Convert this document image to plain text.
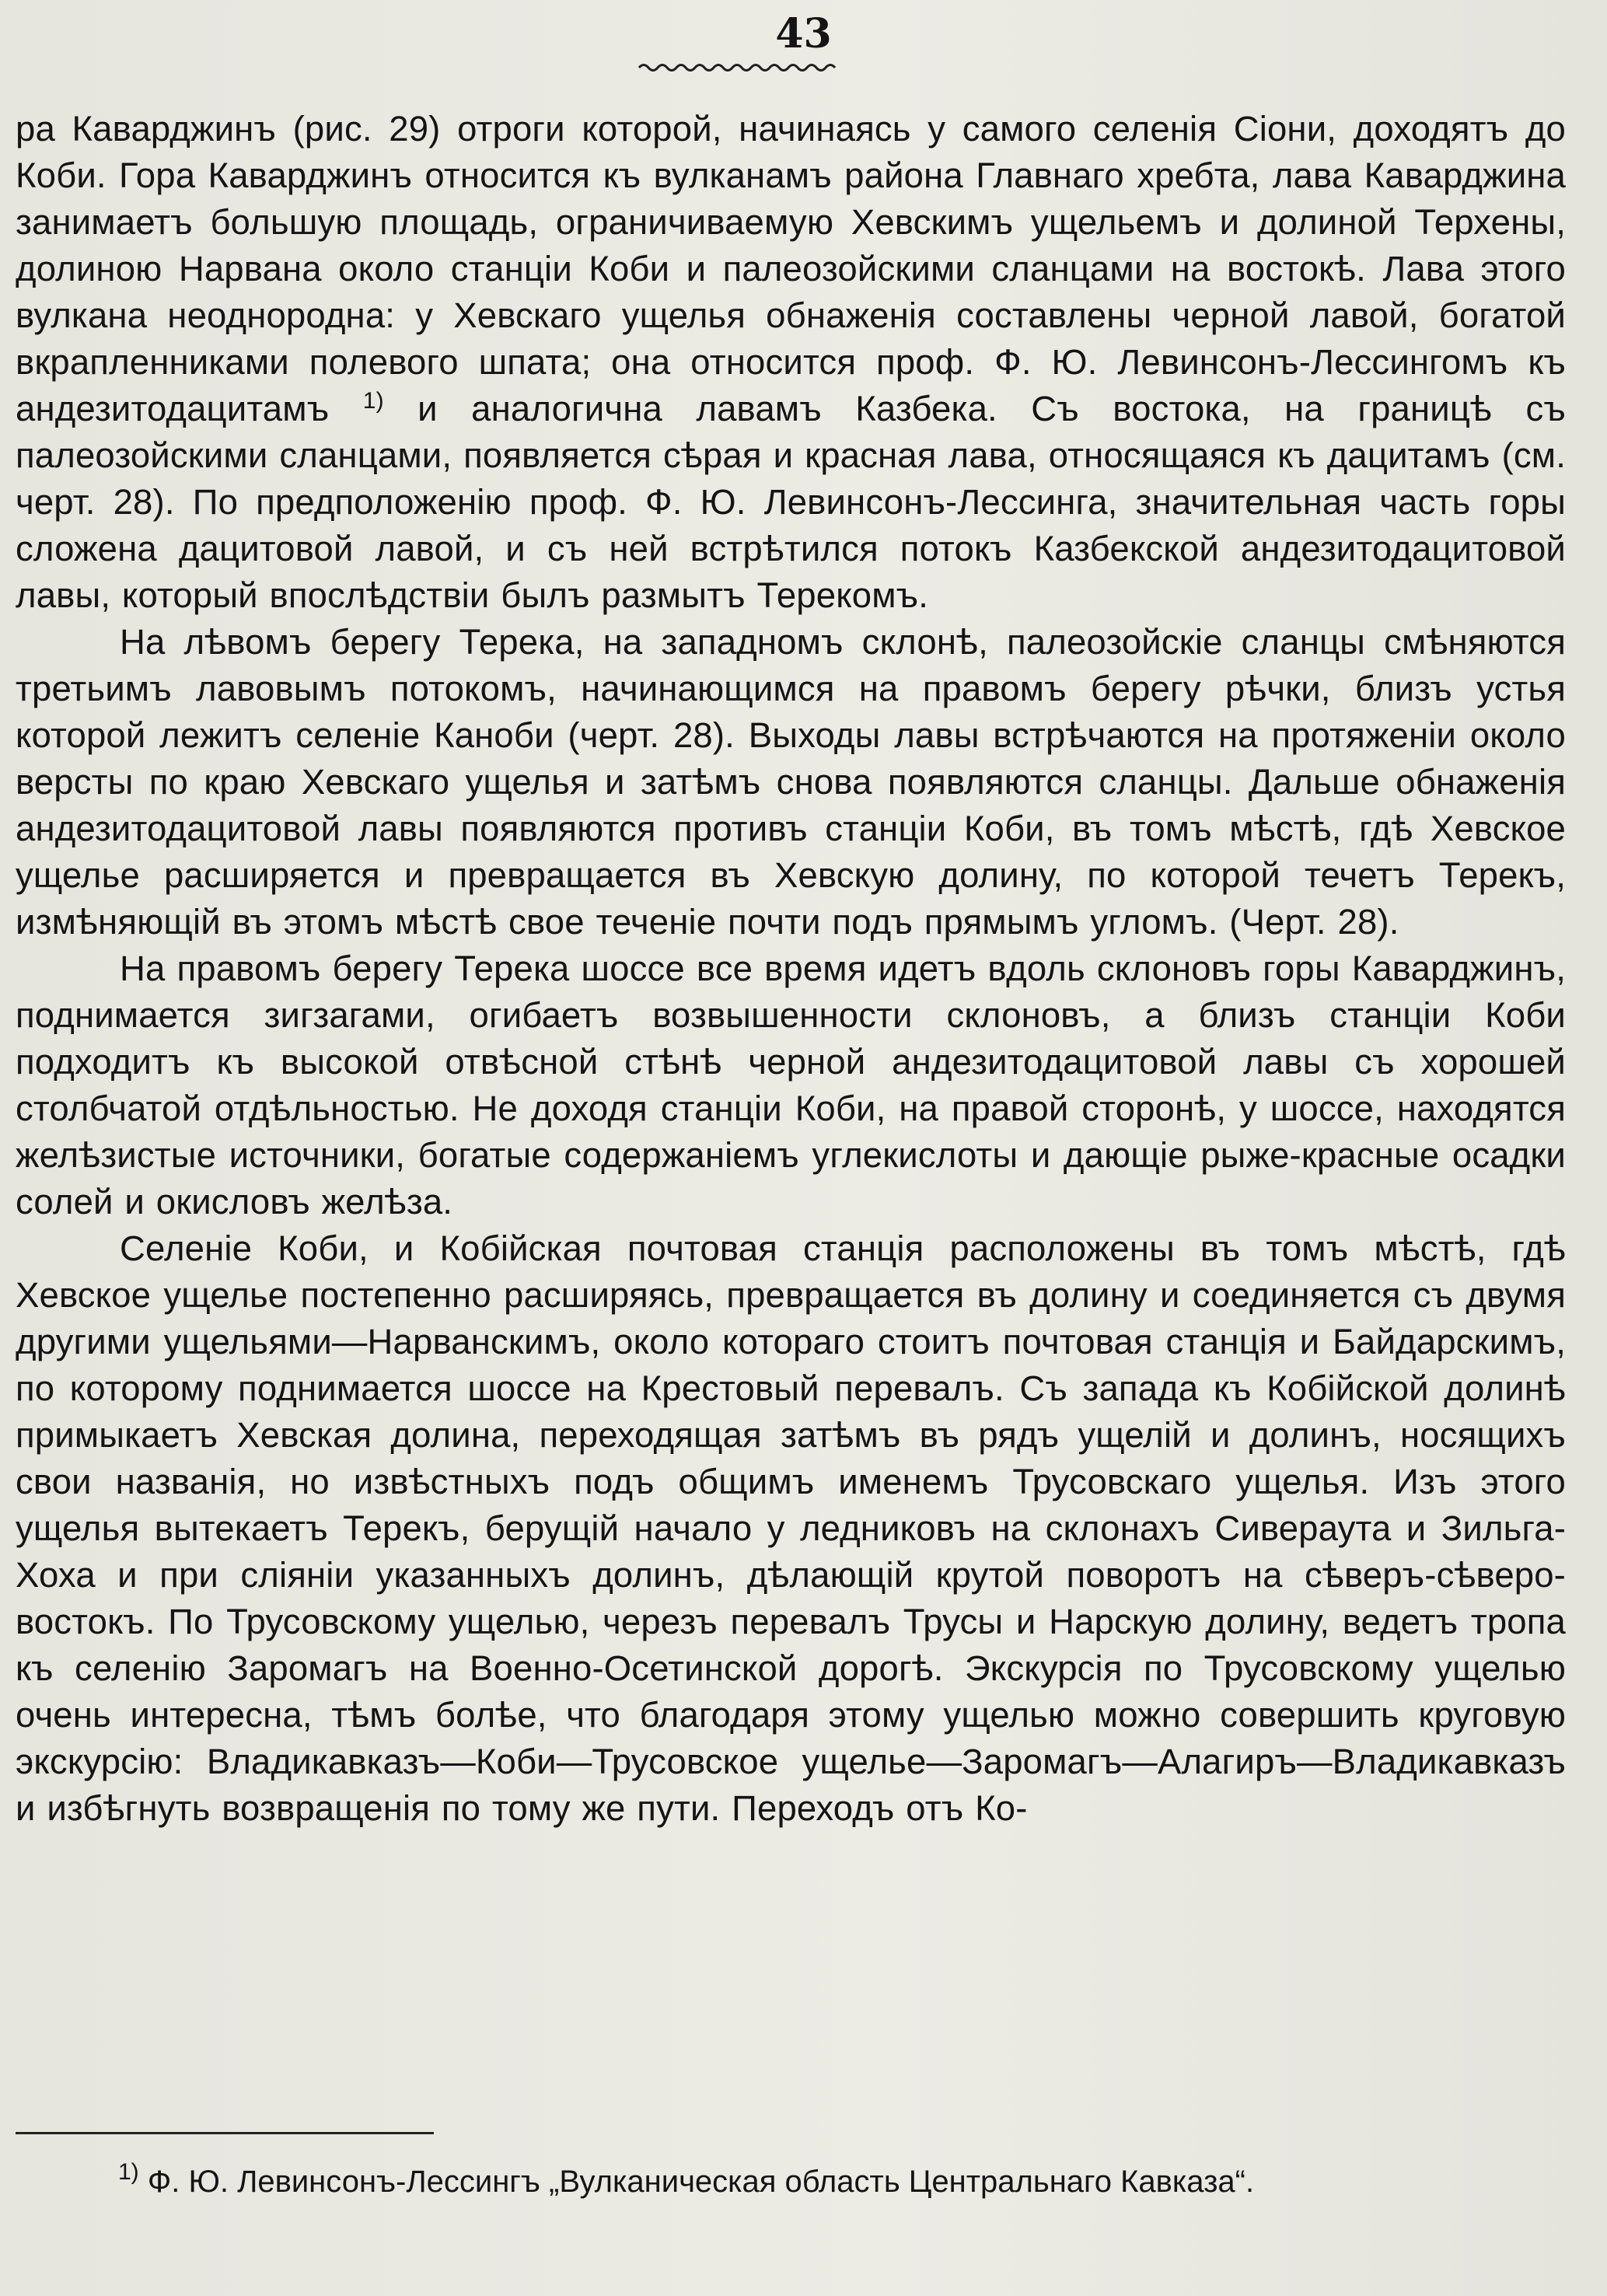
43

ра Каварджинъ (рис. 29) отроги которой, начинаясь у самого селенія Сіони, доходятъ до Коби. Гора Каварджинъ относится къ вулканамъ района Главнаго хребта, лава Каварджина занимаетъ большую площадь, ограничиваемую Хевскимъ ущельемъ и долиной Терхены, долиною Нарвана около станціи Коби и палеозойскими сланцами на востокѣ. Лава этого вулкана неоднородна: у Хевскаго ущелья обнаженія составлены черной лавой, богатой вкрапленниками полевого шпата; она относится проф. Ф. Ю. Левинсонъ-Лессингомъ къ андезитодацитамъ $^{1)}$ и аналогична лавамъ Казбека. Съ востока, на границѣ съ палеозойскими сланцами, появляется сѣрая и красная лава, относящаяся къ дацитамъ (см. черт. 28). По предположенію проф. Ф. Ю. Левинсонъ-Лессинга, значительная часть горы сложена дацитовой лавой, и съ ней встрѣтился потокъ Казбекской андезитодацитовой лавы, который впослѣдствіи былъ размытъ Терекомъ.

На лѣвомъ берегу Терека, на западномъ склонѣ, палеозойскіе сланцы смѣняются третьимъ лавовымъ потокомъ, начинающимся на правомъ берегу рѣчки, близъ устья которой лежитъ селеніе Каноби (черт. 28). Выходы лавы встрѣчаются на протяженіи около версты по краю Хевскаго ущелья и затѣмъ снова появляются сланцы. Дальше обнаженія андезитодацитовой лавы появляются противъ станціи Коби, въ томъ мѣстѣ, гдѣ Хевское ущелье расширяется и превращается въ Хевскую долину, по которой течетъ Терекъ, измѣняющій въ этомъ мѣстѣ свое теченіе почти подъ прямымъ угломъ. (Черт. 28).

На правомъ берегу Терека шоссе все время идетъ вдоль склоновъ горы Каварджинъ, поднимается зигзагами, огибаетъ возвышенности склоновъ, а близъ станціи Коби подходитъ къ высокой отвѣсной стѣнѣ черной андезитодацитовой лавы съ хорошей столбчатой отдѣльностью. Не доходя станціи Коби, на правой сторонѣ, у шоссе, находятся желѣзистые источники, богатые содержаніемъ углекислоты и дающіе рыже-красные осадки солей и окисловъ желѣза.

Селеніе Коби, и Кобійская почтовая станція расположены въ томъ мѣстѣ, гдѣ Хевское ущелье постепенно расширяясь, превращается въ долину и соединяется съ двумя другими ущельями—Нарванскимъ, около котораго стоитъ почтовая станція и Байдарскимъ, по которому поднимается шоссе на Крестовый перевалъ. Съ запада къ Кобійской долинѣ примыкаетъ Хевская долина, переходящая затѣмъ въ рядъ ущелій и долинъ, носящихъ свои названія, но извѣстныхъ подъ общимъ именемъ Трусовскаго ущелья. Изъ этого ущелья вытекаетъ Терекъ, берущій начало у ледниковъ на склонахъ Сивераута и Зильга-Хоха и при сліяніи указанныхъ долинъ, дѣлающій крутой поворотъ на сѣверъ-сѣверо-востокъ. По Трусовскому ущелью, черезъ перевалъ Трусы и Нарскую долину, ведетъ тропа къ селенію Заромагъ на Военно-Осетинской дорогѣ. Экскурсія по Трусовскому ущелью очень интересна, тѣмъ болѣе, что благодаря этому ущелью можно совершить круговую экскурсію: Владикавказъ—Коби—Трусовское ущелье—Заромагъ—Алагиръ—Владикавказъ и избѣгнуть возвращенія по тому же пути. Переходъ отъ Ко-

$^{1)}$ Ф. Ю. Левинсонъ-Лессингъ „Вулканическая область Центральнаго Кавказа“.
